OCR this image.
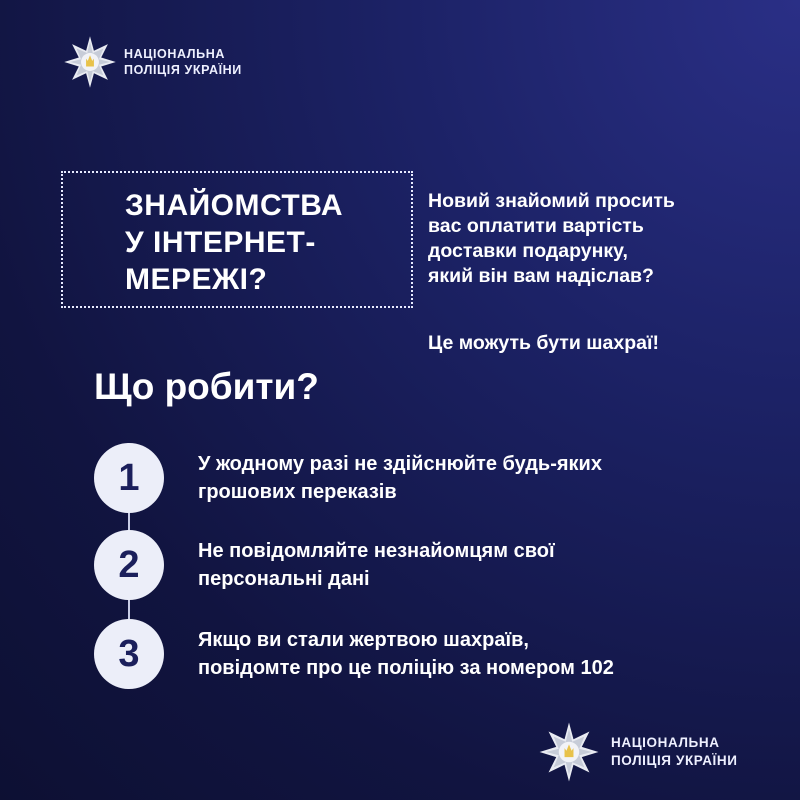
НАЦІОНАЛЬНА
ПОЛІЦІЯ УКРАЇНИ
ЗНАЙОМСТВА
У ІНТЕРНЕТ-
МЕРЕЖІ?
Новий знайомий просить
вас оплатити вартість
доставки подарунку,
який він вам надіслав?
Це можуть бути шахраї!
Що робити?
1	У жодному разі не здійснюйте будь-яких
грошових переказів
2	Не повідомляйте незнайомцям свої
персональні дані
3	Якщо ви стали жертвою шахраїв,
повідомте про це поліцію за номером 102
НАЦІОНАЛЬНА
ПОЛІЦІЯ УКРАЇНИ
